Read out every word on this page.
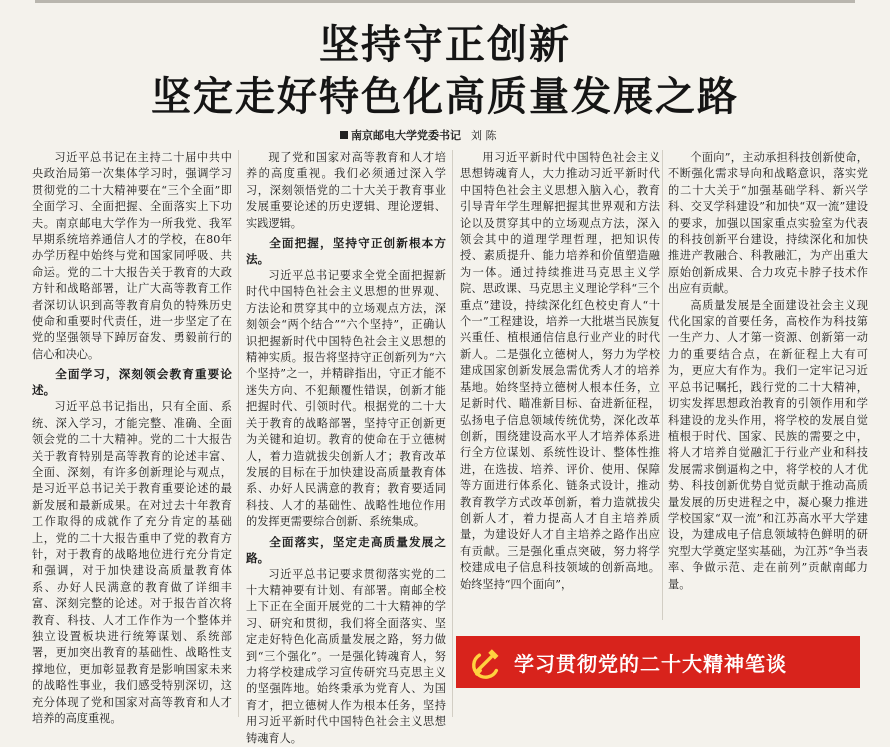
坚持守正创新
坚定走好特色化高质量发展之路
南京邮电大学党委书记 刘 陈

习近平总书记在主持二十届中共中央政治局第一次集体学习时，强调学习贯彻党的二十大精神要在“三个全面”即全面学习、全面把握、全面落实上下功夫。南京邮电大学作为一所我党、我军早期系统培养通信人才的学校，在80年办学历程中始终与党和国家同呼吸、共命运。党的二十大报告关于教育的大政方针和战略部署，让广大高等教育工作者深切认识到高等教育肩负的特殊历史使命和重要时代责任，进一步坚定了在党的坚强领导下踔厉奋发、勇毅前行的信心和决心。

全面学习，深刻领会教育重要论述。

习近平总书记指出，只有全面、系统、深入学习，才能完整、准确、全面领会党的二十大精神。党的二十大报告关于教育特别是高等教育的论述丰富、全面、深刻，有许多创新理论与观点，是习近平总书记关于教育重要论述的最新发展和最新成果。在对过去十年教育工作取得的成就作了充分肯定的基础上，党的二十大报告重申了党的教育方针，对于教育的战略地位进行充分肯定和强调，对于加快建设高质量教育体系、办好人民满意的教育做了详细丰富、深刻完整的论述。对于报告首次将教育、科技、人才工作作为一个整体并独立设置板块进行统筹谋划、系统部署，更加突出教育的基础性、战略性支撑地位，更加彰显教育是影响国家未来的战略性事业，我们感受特别深切，这充分体现了党和国家对高等教育和人才培养的高度重视。

现了党和国家对高等教育和人才培养的高度重视。我们必须通过深入学习，深刻领悟党的二十大关于教育事业发展重要论述的历史逻辑、理论逻辑、实践逻辑。

全面把握，坚持守正创新根本方法。

习近平总书记要求全党全面把握新时代中国特色社会主义思想的世界观、方法论和贯穿其中的立场观点方法，深刻领会“两个结合”“六个坚持”，正确认识把握新时代中国特色社会主义思想的精神实质。报告将坚持守正创新列为“六个坚持”之一，并精辟指出，守正才能不迷失方向、不犯颠覆性错误，创新才能把握时代、引领时代。根据党的二十大关于教育的战略部署，坚持守正创新更为关键和迫切。教育的使命在于立德树人，着力造就拔尖创新人才；教育改革发展的目标在于加快建设高质量教育体系、办好人民满意的教育；教育要适同科技、人才的基础性、战略性地位作用的发挥更需要综合创新、系统集成。

全面落实，坚定走高质量发展之路。

习近平总书记要求贯彻落实党的二十大精神要有计划、有部署。南邮全校上下正在全面开展党的二十大精神的学习、研究和贯彻，我们将全面落实、坚定走好特色化高质量发展之路，努力做到“三个强化”。一是强化铸魂育人，努力将学校建成学习宣传研究马克思主义的坚强阵地。始终秉承为党育人、为国育才，把立德树人作为根本任务，坚持用习近平新时代中国特色社会主义思想铸魂育人。

用习近平新时代中国特色社会主义思想铸魂育人，大力推动习近平新时代中国特色社会主义思想入脑入心，教育引导青年学生理解把握其世界观和方法论以及贯穿其中的立场观点方法，深入领会其中的道理学理哲理，把知识传授、素质提升、能力培养和价值塑造融为一体。通过持续推进马克思主义学院、思政课、马克思主义理论学科“三个重点”建设，持续深化红色校史育人“十个一”工程建设，培养一大批堪当民族复兴重任、植根通信信息行业产业的时代新人。二是强化立德树人，努力为学校建成国家创新发展急需优秀人才的培养基地。始终坚持立德树人根本任务，立足新时代、瞄准新目标、奋进新征程，弘扬电子信息领域传统优势，深化改革创新，围绕建设高水平人才培养体系进行全方位谋划、系统性设计、整体性推进，在选拔、培养、评价、使用、保障等方面进行体系化、链条式设计，推动教育教学方式改革创新，着力造就拔尖创新人才，着力提高人才自主培养质量，为建设好人才自主培养之路作出应有贡献。三是强化重点突破，努力将学校建成电子信息科技领域的创新高地。始终坚持“四个面向”，

个面向”，主动承担科技创新使命，不断强化需求导向和战略意识，落实党的二十大关于“加强基础学科、新兴学科、交叉学科建设”和加快“双一流”建设的要求，加强以国家重点实验室为代表的科技创新平台建设，持续深化和加快推进产教融合、科教融汇，为产出重大原始创新成果、合力攻克卡脖子技术作出应有贡献。

高质量发展是全面建设社会主义现代化国家的首要任务，高校作为科技第一生产力、人才第一资源、创新第一动力的重要结合点，在新征程上大有可为，更应大有作为。我们一定牢记习近平总书记嘱托，践行党的二十大精神，切实发挥思想政治教育的引领作用和学科建设的龙头作用，将学校的发展自觉植根于时代、国家、民族的需要之中，将人才培养自觉融汇于行业产业和科技发展需求倒逼构之中，将学校的人才优势、科技创新优势自觉贡献于推动高质量发展的历史进程之中，凝心聚力推进学校国家“双一流”和江苏高水平大学建设，为建成电子信息领域特色鲜明的研究型大学奠定坚实基础，为江苏“争当表率、争做示范、走在前列”贡献南邮力量。

学习贯彻党的二十大精神笔谈
